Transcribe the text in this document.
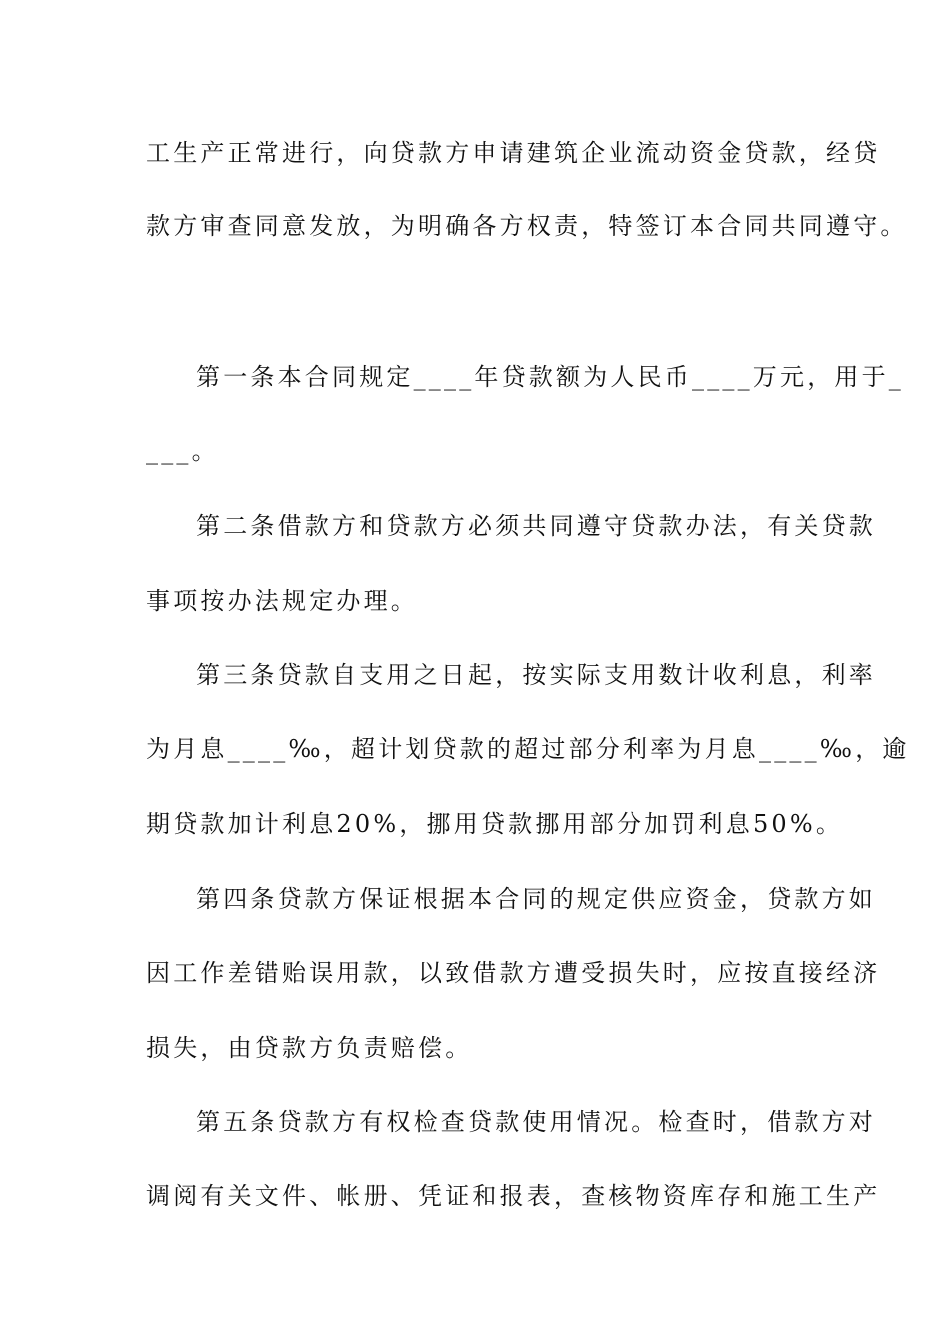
工生产正常进行，向贷款方申请建筑企业流动资金贷款，经贷
款方审查同意发放，为明确各方权责，特签订本合同共同遵守。
第一条本合同规定____年贷款额为人民币____万元，用于_
___。
第二条借款方和贷款方必须共同遵守贷款办法，有关贷款
事项按办法规定办理。
第三条贷款自支用之日起，按实际支用数计收利息，利率
为月息____‰，超计划贷款的超过部分利率为月息____‰，逾
期贷款加计利息20%，挪用贷款挪用部分加罚利息50%。
第四条贷款方保证根据本合同的规定供应资金，贷款方如
因工作差错贻误用款，以致借款方遭受损失时，应按直接经济
损失，由贷款方负责赔偿。
第五条贷款方有权检查贷款使用情况。检查时，借款方对
调阅有关文件、帐册、凭证和报表，查核物资库存和施工生产
